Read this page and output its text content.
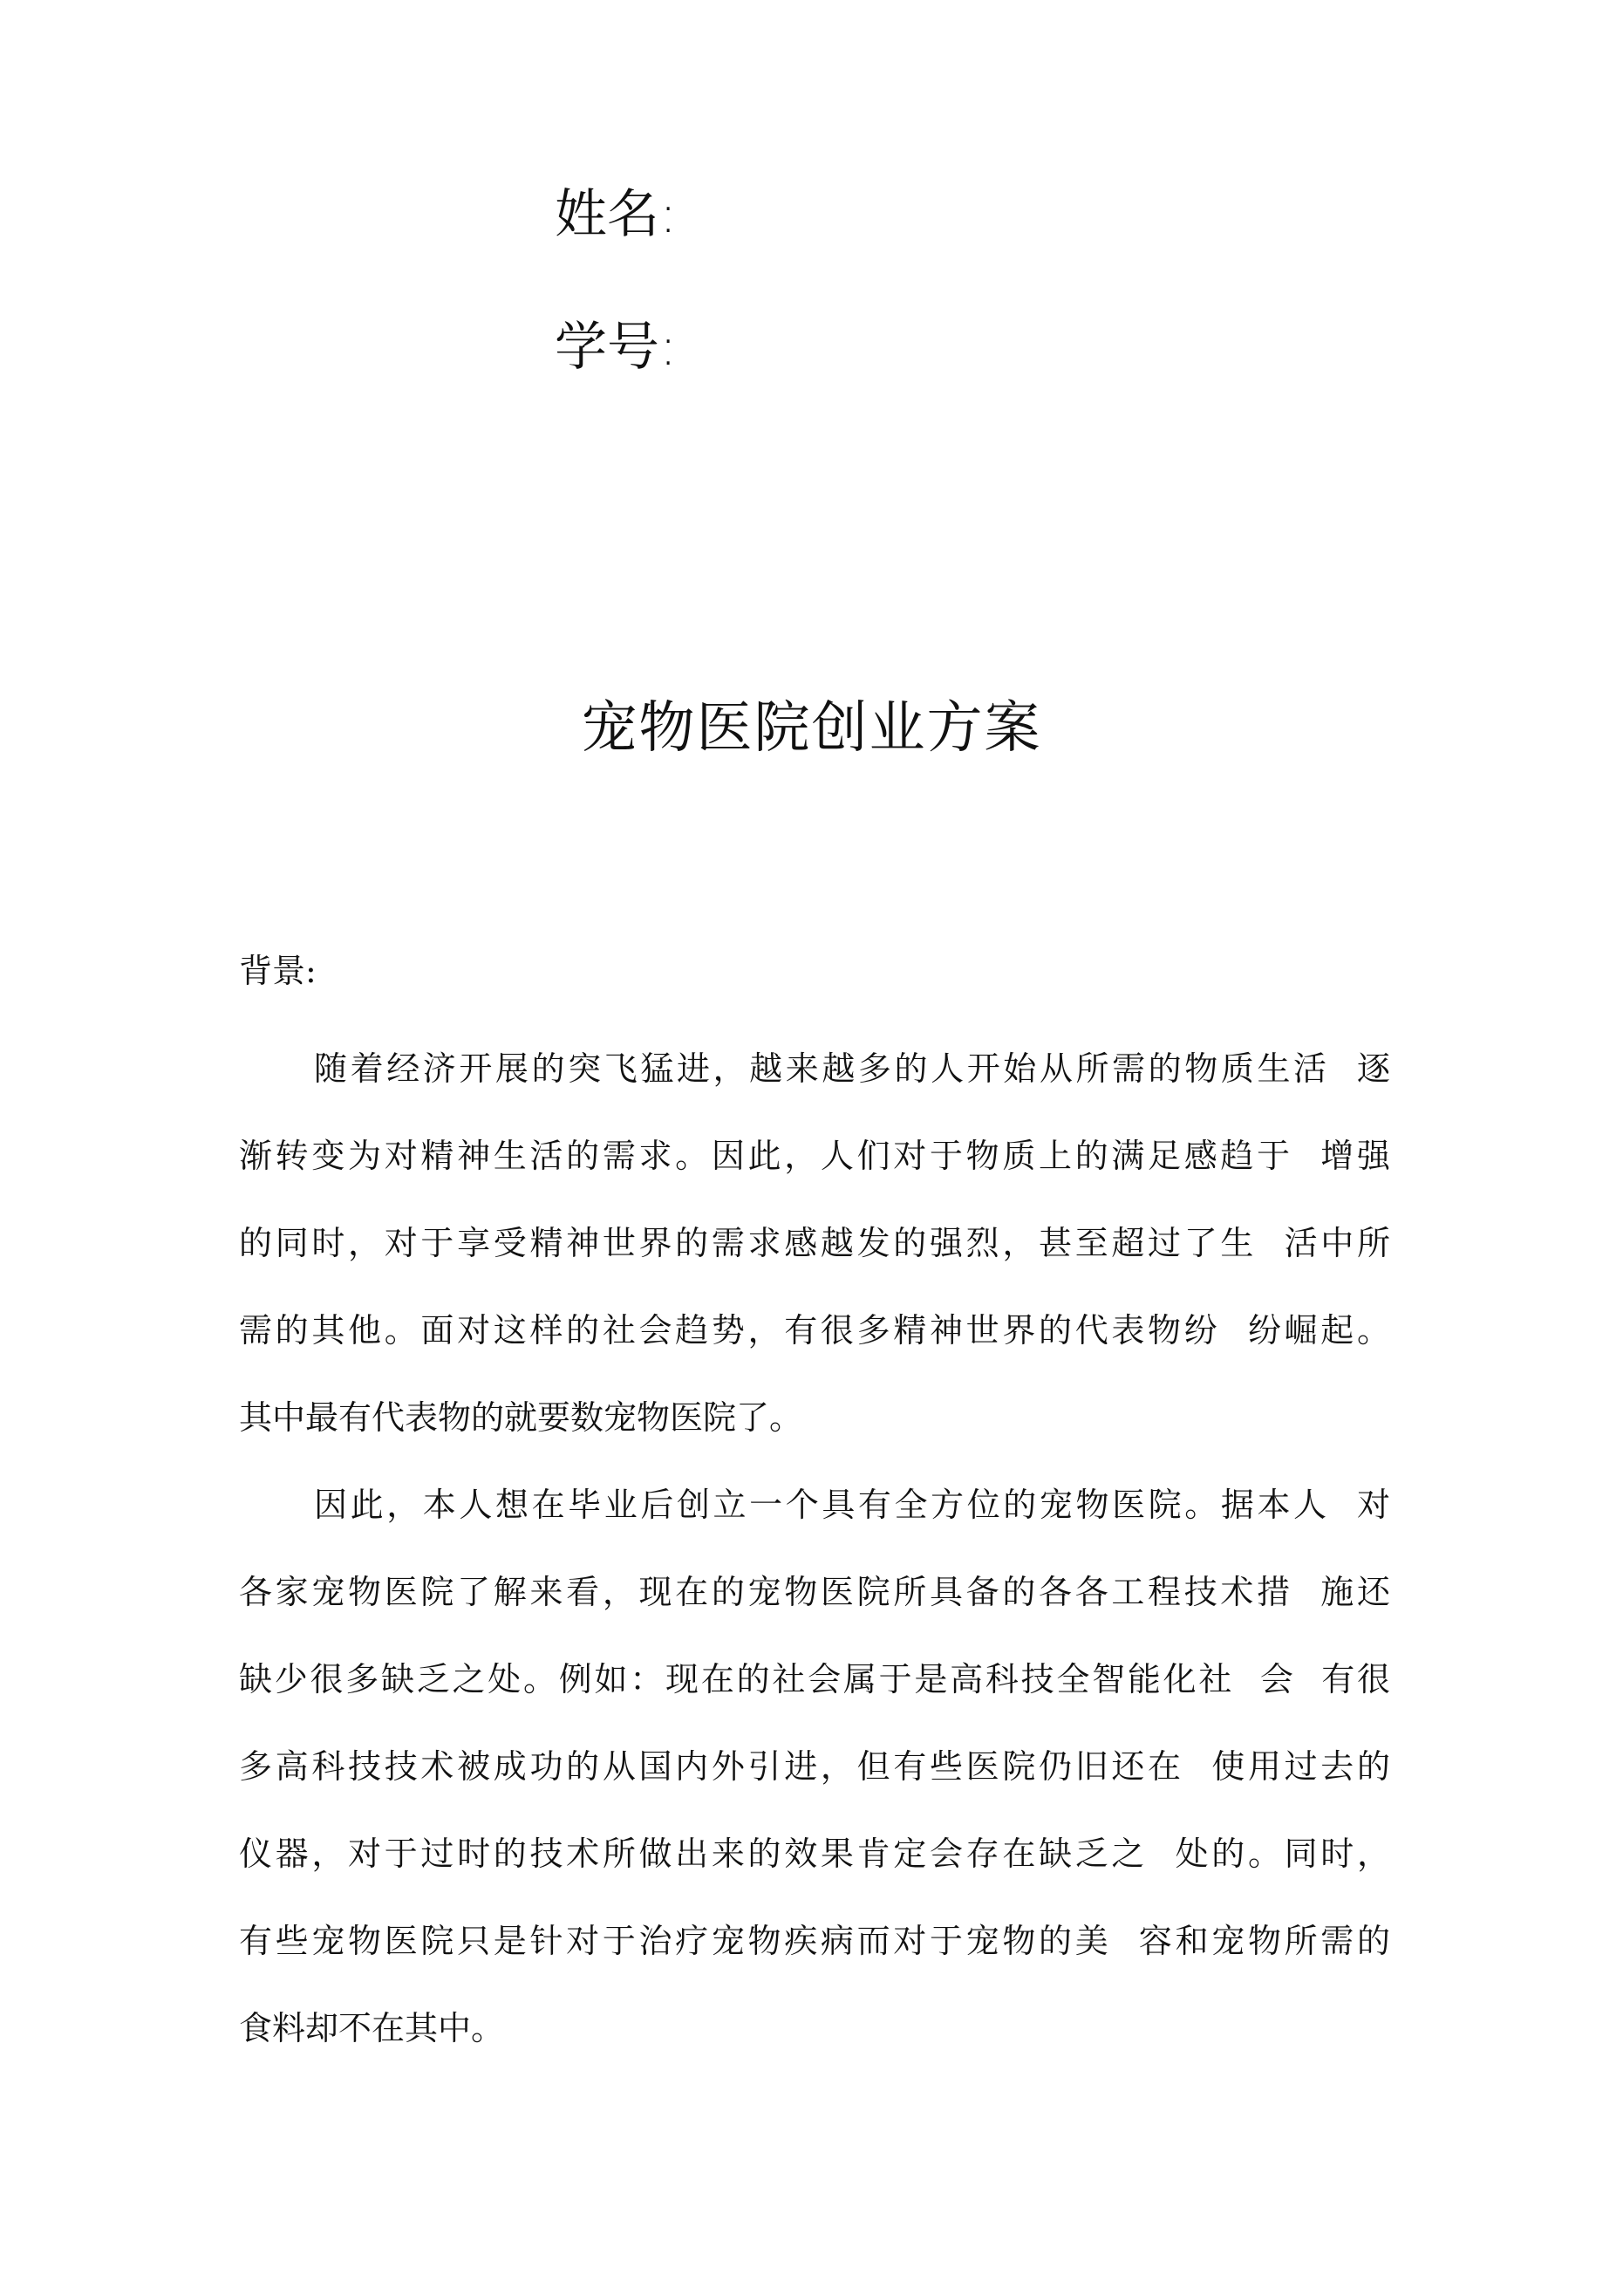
姓名:
学号:
宠物医院创业方案
背景:
随着经济开展的突飞猛进，越来越多的人开始从所需的物质生活  逐
渐转变为对精神生活的需求。因此，人们对于物质上的满足感趋于  增强
的同时，对于享受精神世界的需求感越发的强烈，甚至超过了生  活中所
需的其他。面对这样的社会趋势，有很多精神世界的代表物纷  纷崛起。
其中最有代表物的就要数宠物医院了。
因此，本人想在毕业后创立一个具有全方位的宠物医院。据本人  对
各家宠物医院了解来看，现在的宠物医院所具备的各各工程技术措  施还
缺少很多缺乏之处。例如：现在的社会属于是高科技全智能化社  会  有很
多高科技技术被成功的从国内外引进，但有些医院仍旧还在  使用过去的
仪器，对于过时的技术所做出来的效果肯定会存在缺乏之  处的。同时，
有些宠物医院只是针对于治疗宠物疾病而对于宠物的美  容和宠物所需的
食料却不在其中。
